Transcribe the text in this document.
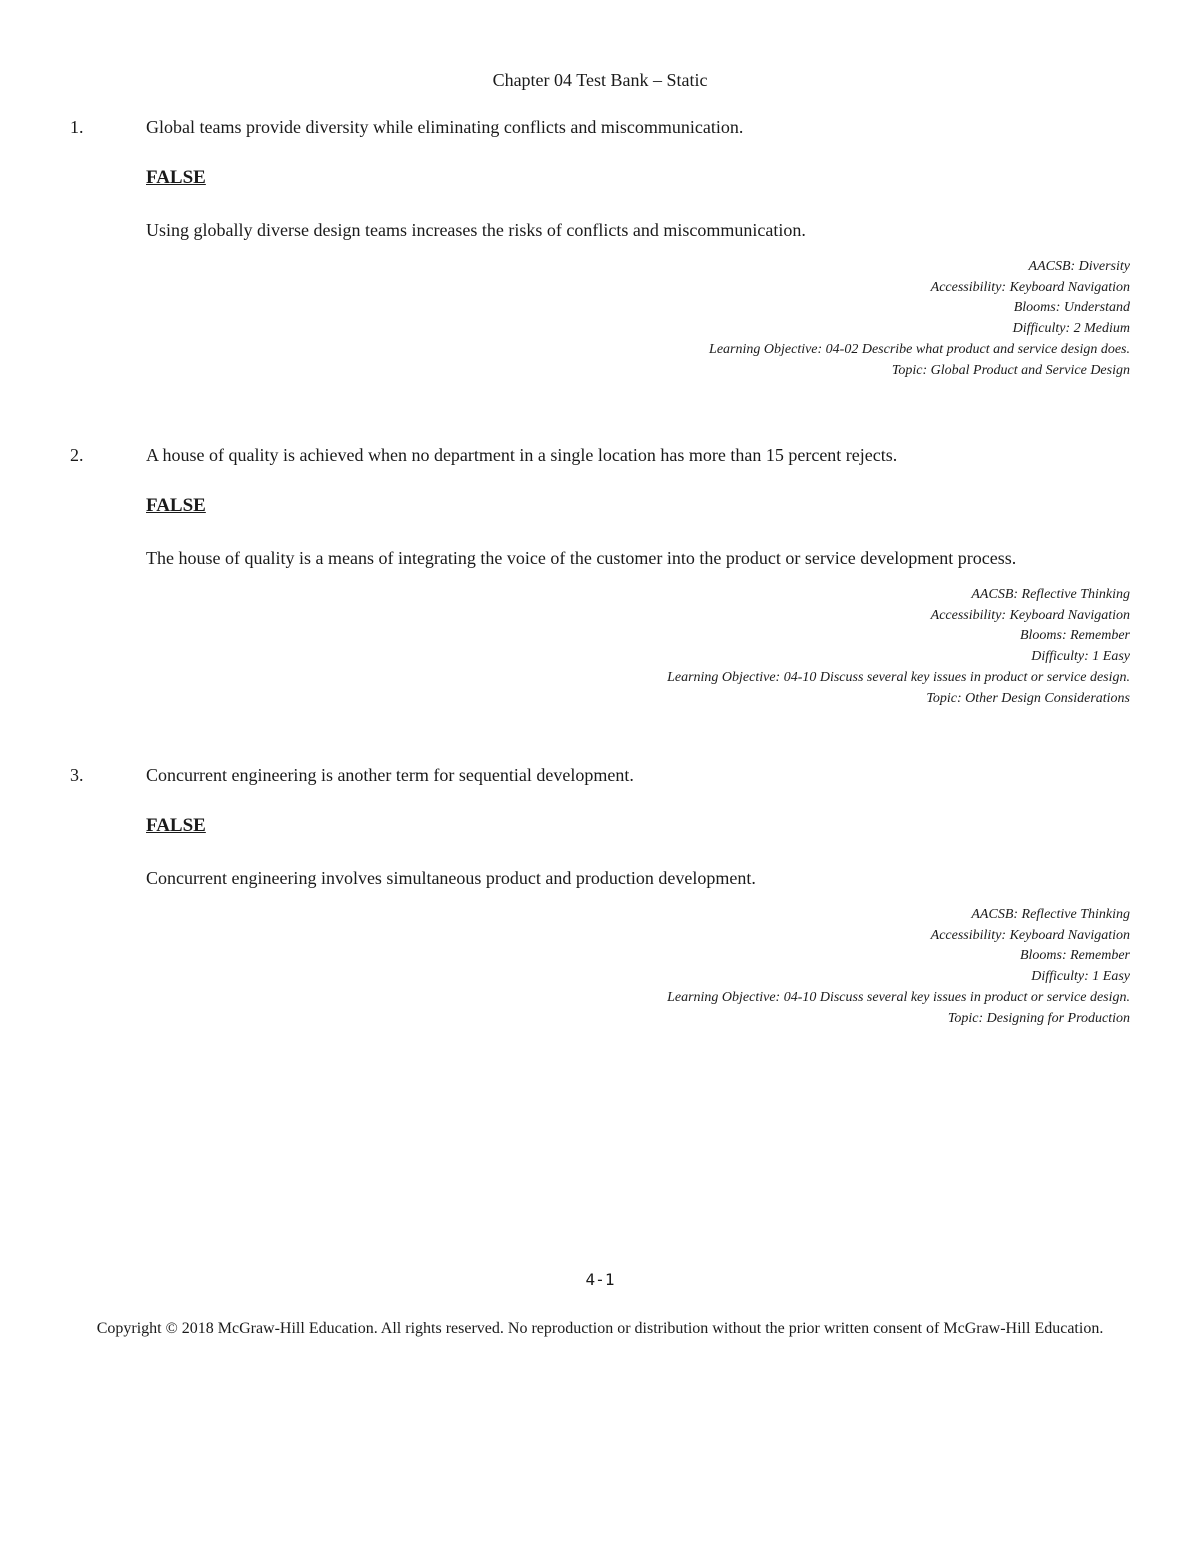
Chapter 04 Test Bank – Static
1.	Global teams provide diversity while eliminating conflicts and miscommunication.
FALSE
Using globally diverse design teams increases the risks of conflicts and miscommunication.
AACSB: Diversity
Accessibility: Keyboard Navigation
Blooms: Understand
Difficulty: 2 Medium
Learning Objective: 04-02 Describe what product and service design does.
Topic: Global Product and Service Design
2.	A house of quality is achieved when no department in a single location has more than 15 percent rejects.
FALSE
The house of quality is a means of integrating the voice of the customer into the product or service development process.
AACSB: Reflective Thinking
Accessibility: Keyboard Navigation
Blooms: Remember
Difficulty: 1 Easy
Learning Objective: 04-10 Discuss several key issues in product or service design.
Topic: Other Design Considerations
3.	Concurrent engineering is another term for sequential development.
FALSE
Concurrent engineering involves simultaneous product and production development.
AACSB: Reflective Thinking
Accessibility: Keyboard Navigation
Blooms: Remember
Difficulty: 1 Easy
Learning Objective: 04-10 Discuss several key issues in product or service design.
Topic: Designing for Production
4-1
Copyright © 2018 McGraw-Hill Education. All rights reserved. No reproduction or distribution without the prior written consent of McGraw-Hill Education.
